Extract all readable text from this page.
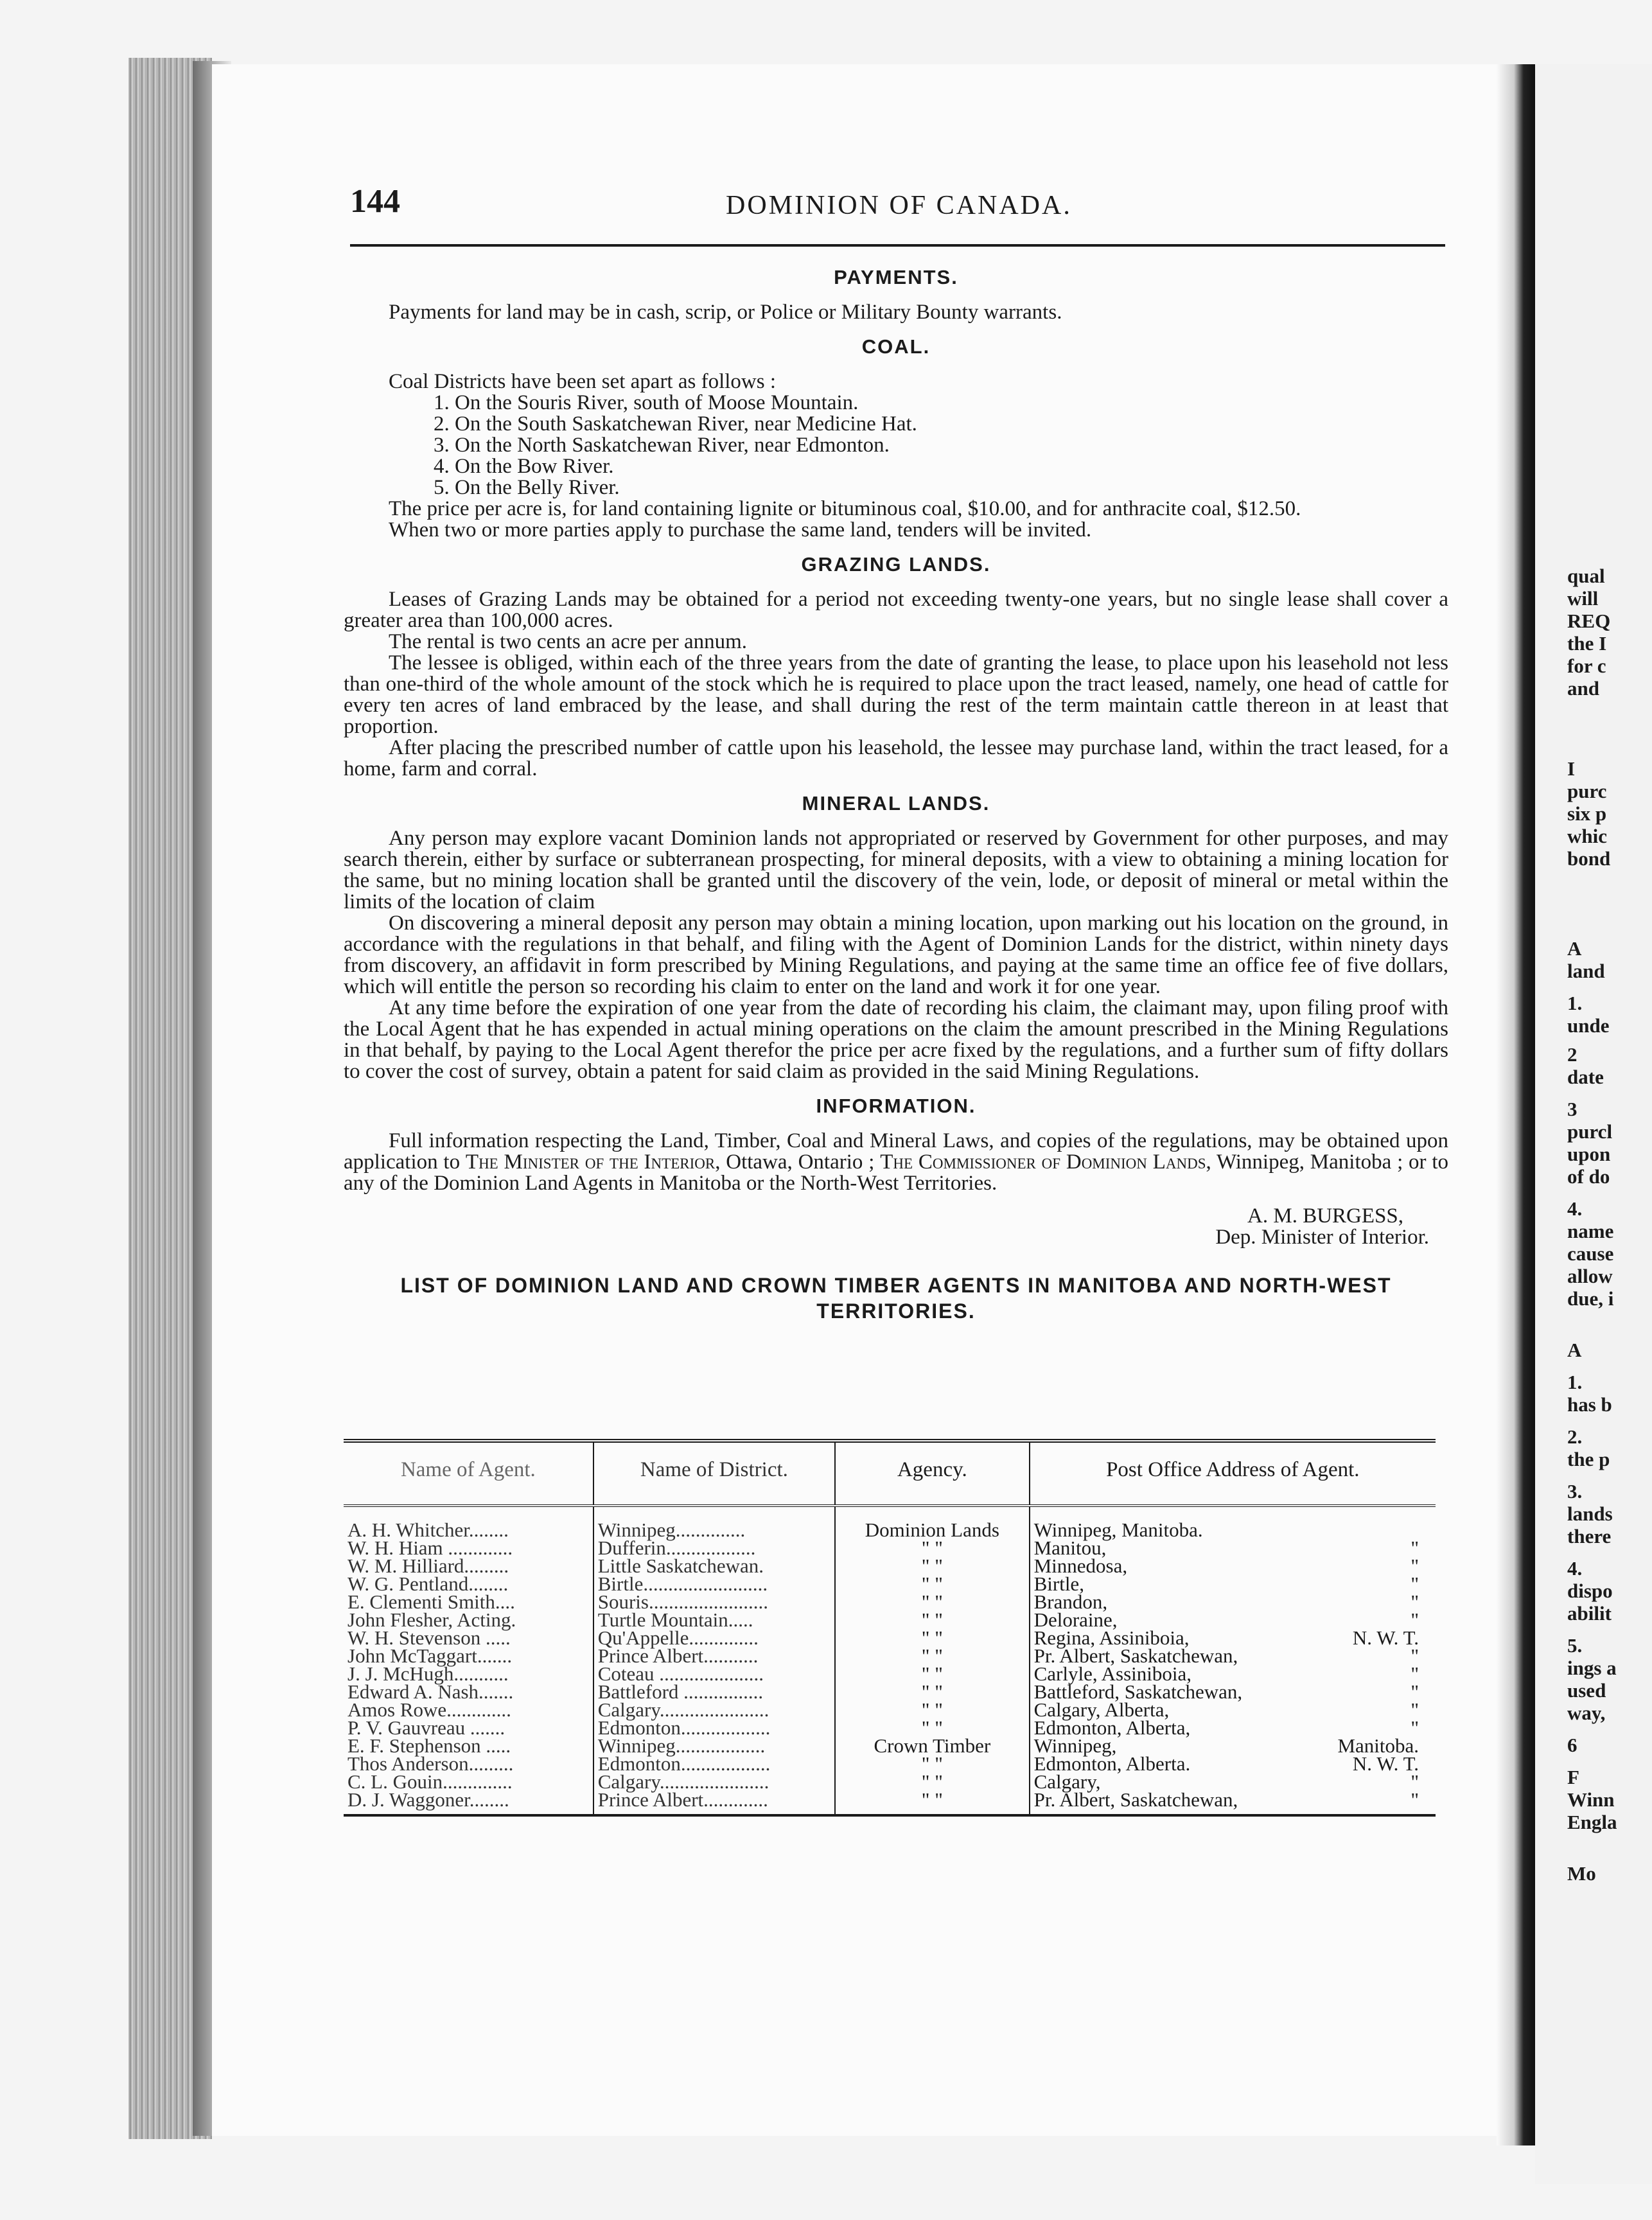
qual
will
REQ
the I
for c
and
I
purc
six p
whic
bond
A
land
1.
unde
2
date
3
purcl
upon
of do
4.
name
cause
allow
due, i
A
1.
has b
2.
the p
3.
lands
there
4.
dispo
abilit
5.
ings a
used
way,
6
F
Winn
Engla
Mo
144	DOMINION OF CANADA.
PAYMENTS.

Payments for land may be in cash, scrip, or Police or Military Bounty warrants.

COAL.

Coal Districts have been set apart as follows :

1. On the Souris River, south of Moose Mountain.

2. On the South Saskatchewan River, near Medicine Hat.

3. On the North Saskatchewan River, near Edmonton.

4. On the Bow River.

5. On the Belly River.

The price per acre is, for land containing lignite or bituminous coal, $10.00, and for anthracite coal, $12.50.

When two or more parties apply to purchase the same land, tenders will be invited.

GRAZING LANDS.

Leases of Grazing Lands may be obtained for a period not exceeding twenty-one years, but no single lease shall cover a greater area than 100,000 acres.

The rental is two cents an acre per annum.

The lessee is obliged, within each of the three years from the date of granting the lease, to place upon his leasehold not less than one-third of the whole amount of the stock which he is required to place upon the tract leased, namely, one head of cattle for every ten acres of land embraced by the lease, and shall during the rest of the term maintain cattle thereon in at least that proportion.

After placing the prescribed number of cattle upon his leasehold, the lessee may purchase land, within the tract leased, for a home, farm and corral.

MINERAL LANDS.

Any person may explore vacant Dominion lands not appropriated or reserved by Government for other purposes, and may search therein, either by surface or subterranean prospecting, for mineral deposits, with a view to obtaining a mining location for the same, but no mining location shall be granted until the discovery of the vein, lode, or deposit of mineral or metal within the limits of the location of claim

On discovering a mineral deposit any person may obtain a mining location, upon marking out his location on the ground, in accordance with the regulations in that behalf, and filing with the Agent of Dominion Lands for the district, within ninety days from discovery, an affidavit in form prescribed by Mining Regulations, and paying at the same time an office fee of five dollars, which will entitle the person so recording his claim to enter on the land and work it for one year.

At any time before the expiration of one year from the date of recording his claim, the claimant may, upon filing proof with the Local Agent that he has expended in actual mining operations on the claim the amount prescribed in the Mining Regulations in that behalf, by paying to the Local Agent therefor the price per acre fixed by the regulations, and a further sum of fifty dollars to cover the cost of survey, obtain a patent for said claim as provided in the said Mining Regulations.

INFORMATION.

Full information respecting the Land, Timber, Coal and Mineral Laws, and copies of the regulations, may be obtained upon application to The Minister of the Interior, Ottawa, Ontario ; The Commissioner of Dominion Lands, Winnipeg, Manitoba ; or to any of the Dominion Land Agents in Manitoba or the North-West Territories.

A. M. BURGESS,

Dep. Minister of Interior.

LIST OF DOMINION LAND AND CROWN TIMBER AGENTS IN MANITOBA AND NORTH-WEST TERRITORIES.
Name of Agent.	Name of District.	Agency.	Post Office Address of Agent.
A. H. Whitcher........	Winnipeg..............	Dominion Lands	Winnipeg, Manitoba.

W. H. Hiam .............	Dufferin..................	" "	Manitou, "

W. M. Hilliard.........	Little Saskatchewan.	" "	Minnedosa, "

W. G. Pentland........	Birtle.........................	" "	Birtle, "

E. Clementi Smith....	Souris........................	" "	Brandon, "

John Flesher, Acting.	Turtle Mountain.....	" "	Deloraine, "

W. H. Stevenson .....	Qu'Appelle..............	" "	Regina, Assiniboia, N. W. T.

John McTaggart.......	Prince Albert...........	" "	Pr. Albert, Saskatchewan, "

J. J. McHugh...........	Coteau .....................	" "	Carlyle, Assiniboia, "

Edward A. Nash.......	Battleford ................	" "	Battleford, Saskatchewan, "

Amos Rowe.............	Calgary......................	" "	Calgary, Alberta, "

P. V. Gauvreau .......	Edmonton..................	" "	Edmonton, Alberta, "

E. F. Stephenson .....	Winnipeg..................	Crown Timber	Winnipeg, Manitoba.

Thos Anderson.........	Edmonton..................	" "	Edmonton, Alberta. N. W. T.

C. L. Gouin..............	Calgary......................	" "	Calgary, "

D. J. Waggoner........	Prince Albert.............	" "	Pr. Albert, Saskatchewan, "
